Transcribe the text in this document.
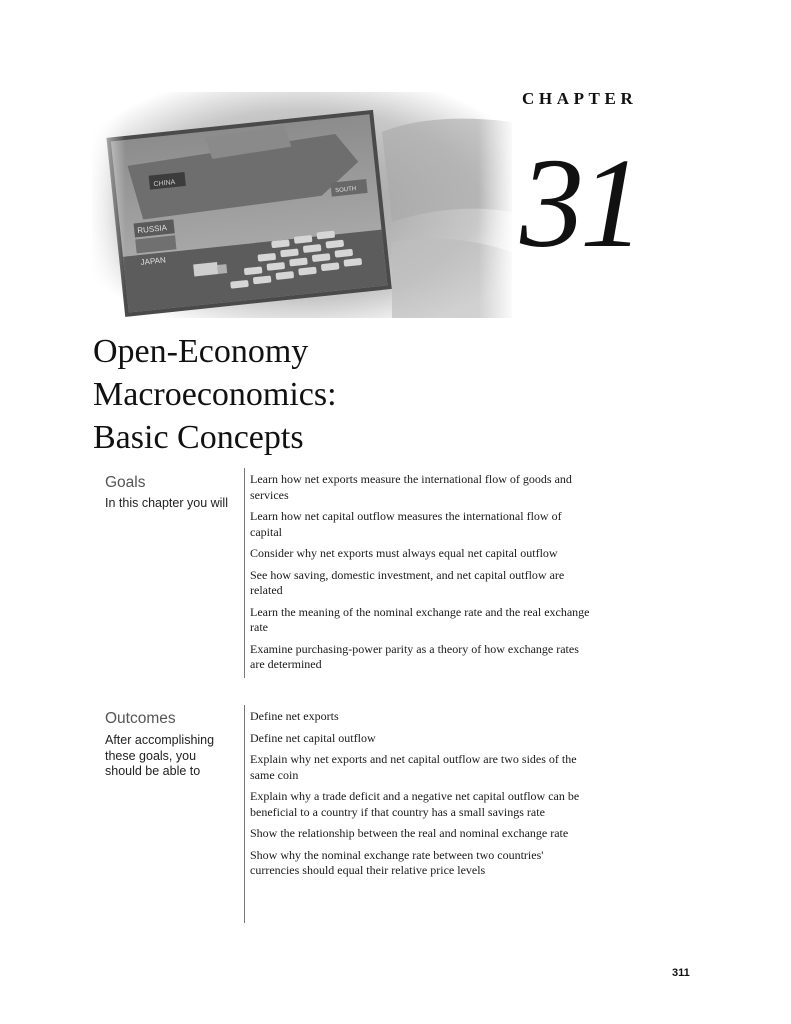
CHAPTER
31
Open-Economy
Macroeconomics:
Basic Concepts
Goals
In this chapter you will
Learn how net exports measure the international flow of goods and services
Learn how net capital outflow measures the international flow of capital
Consider why net exports must always equal net capital outflow
See how saving, domestic investment, and net capital outflow are related
Learn the meaning of the nominal exchange rate and the real exchange rate
Examine purchasing-power parity as a theory of how exchange rates are determined
Outcomes
After accomplishing these goals, you should be able to
Define net exports
Define net capital outflow
Explain why net exports and net capital outflow are two sides of the same coin
Explain why a trade deficit and a negative net capital outflow can be beneficial to a country if that country has a small savings rate
Show the relationship between the real and nominal exchange rate
Show why the nominal exchange rate between two countries' currencies should equal their relative price levels
311
